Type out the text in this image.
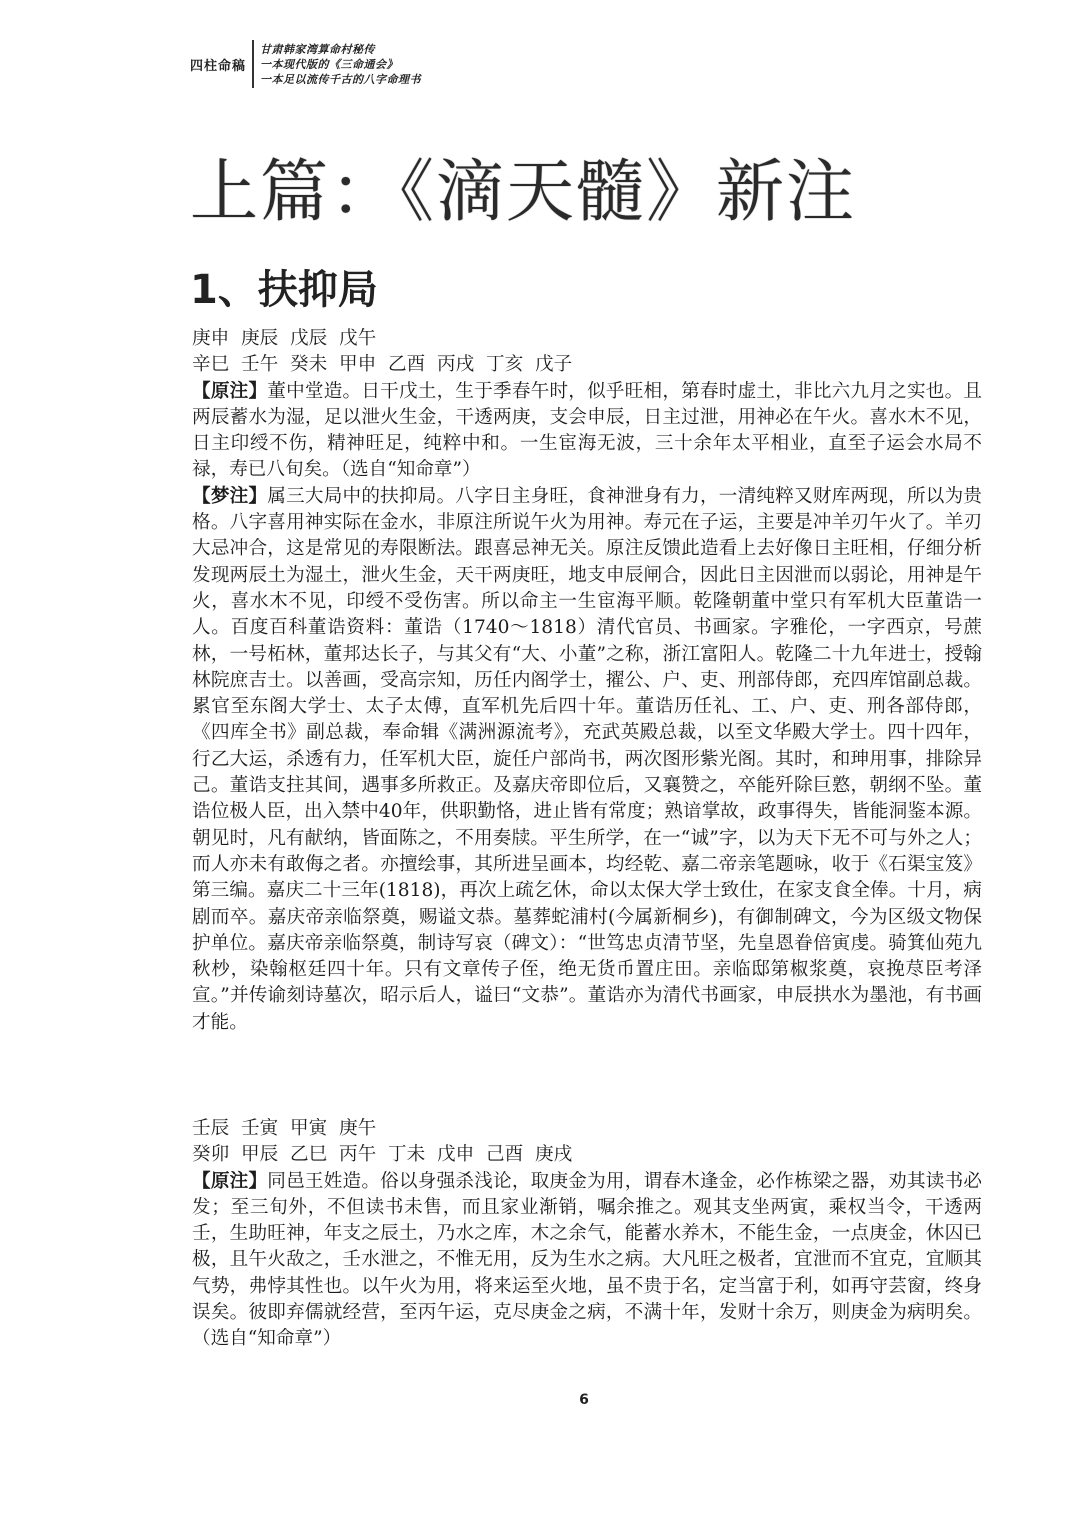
四柱命稿
甘肃韩家湾算命村秘传
一本现代版的《三命通会》
一本足以流传千古的八字命理书
上篇：《滴天髓》新注
1、扶抑局
庚申  庚辰  戊辰  戊午
辛巳  壬午  癸未  甲申  乙酉  丙戌  丁亥  戊子

【原注】董中堂造。日干戊土，生于季春午时，似乎旺相，第春时虚土，非比六九月之实也。且两辰蓄水为湿，足以泄火生金，干透两庚，支会申辰，日主过泄，用神必在午火。喜水木不见，日主印绶不伤，精神旺足，纯粹中和。一生宦海无波，三十余年太平相业，直至子运会水局不禄，寿已八旬矣。（选自“知命章”）

【梦注】属三大局中的扶抑局。八字日主身旺，食神泄身有力，一清纯粹又财库两现，所以为贵格。八字喜用神实际在金水，非原注所说午火为用神。寿元在子运，主要是冲羊刃午火了。羊刃大忌冲合，这是常见的寿限断法。跟喜忌神无关。原注反馈此造看上去好像日主旺相，仔细分析发现两辰土为湿土，泄火生金，天干两庚旺，地支申辰闸合，因此日主因泄而以弱论，用神是午火，喜水木不见，印绶不受伤害。所以命主一生宦海平顺。乾隆朝董中堂只有军机大臣董诰一人。百度百科董诰资料：董诰（1740～1818）清代官员、书画家。字雅伦，一字西京，号蔗林，一号柘林，董邦达长子，与其父有“大、小董”之称，浙江富阳人。乾隆二十九年进士，授翰林院庶吉士。以善画，受高宗知，历任内阁学士，擢公、户、吏、刑部侍郎，充四库馆副总裁。累官至东阁大学士、太子太傅，直军机先后四十年。董诰历任礼、工、户、吏、刑各部侍郎，《四库全书》副总裁，奉命辑《满洲源流考》，充武英殿总裁，以至文华殿大学士。四十四年，行乙大运，杀透有力，任军机大臣，旋任户部尚书，两次图形紫光阁。其时，和珅用事，排除异己。董诰支拄其间，遇事多所救正。及嘉庆帝即位后，又襄赞之，卒能歼除巨憝，朝纲不坠。董诰位极人臣，出入禁中40年，供职勤恪，进止皆有常度；熟谙掌故，政事得失，皆能洞鉴本源。朝见时，凡有献纳，皆面陈之，不用奏牍。平生所学，在一“诚”字，以为天下无不可与外之人；而人亦未有敢侮之者。亦擅绘事，其所进呈画本，均经乾、嘉二帝亲笔题咏，收于《石渠宝笈》第三编。嘉庆二十三年(1818)，再次上疏乞休，命以太保大学士致仕，在家支食全俸。十月，病剧而卒。嘉庆帝亲临祭奠，赐谥文恭。墓葬蛇浦村(今属新桐乡)，有御制碑文，今为区级文物保护单位。嘉庆帝亲临祭奠，制诗写哀（碑文）：“世笃忠贞清节坚，先皇恩眷倍寅虔。骑箕仙苑九秋杪，染翰枢廷四十年。只有文章传子侄，绝无货币置庄田。亲临邸第椒浆奠，哀挽荩臣考泽宣。”并传谕刻诗墓次，昭示后人，谥曰“文恭”。董诰亦为清代书画家，申辰拱水为墨池，有书画才能。

壬辰  壬寅  甲寅  庚午
癸卯  甲辰  乙巳  丙午  丁未  戊申  己酉  庚戌

【原注】同邑王姓造。俗以身强杀浅论，取庚金为用，谓春木逢金，必作栋梁之器，劝其读书必发；至三旬外，不但读书未售，而且家业渐销，嘱余推之。观其支坐两寅，乘权当令，干透两壬，生助旺神，年支之辰土，乃水之库，木之余气，能蓄水养木，不能生金，一点庚金，休囚已极，且午火敌之，壬水泄之，不惟无用，反为生水之病。大凡旺之极者，宜泄而不宜克，宜顺其气势，弗悖其性也。以午火为用，将来运至火地，虽不贵于名，定当富于利，如再守芸窗，终身误矣。彼即弃儒就经营，至丙午运，克尽庚金之病，不满十年，发财十余万，则庚金为病明矣。（选自“知命章”）

6
